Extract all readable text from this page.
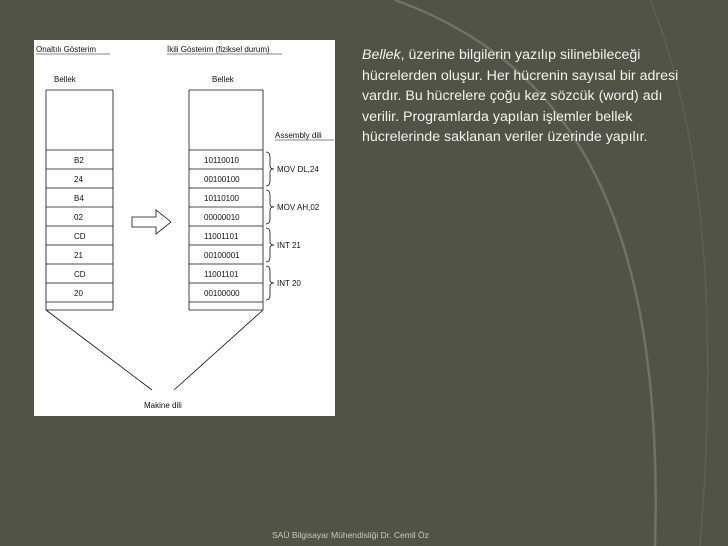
Onaltılı Gösterim	İkili Gösterim (fiziksel durum)
Bellek	Bellek
B2
24
B4
02
CD
21
CD
20
10110010
00100100
10110100
00000010
11001101
00100001
11001101
00100000
Assembly dili
MOV DL,24
MOV AH,02
INT 21
INT 20
Makine dili
Bellek, üzerine bilgilerin yazılıp silinebileceği hücrelerden oluşur. Her hücrenin sayısal bir adresi vardır. Bu hücrelere çoğu kez sözcük (word) adı verilir. Programlarda yapılan işlemler bellek hücrelerinde saklanan veriler üzerinde yapılır.
SAÜ Bilgisayar Mühendisliği Dr. Cemil Öz
